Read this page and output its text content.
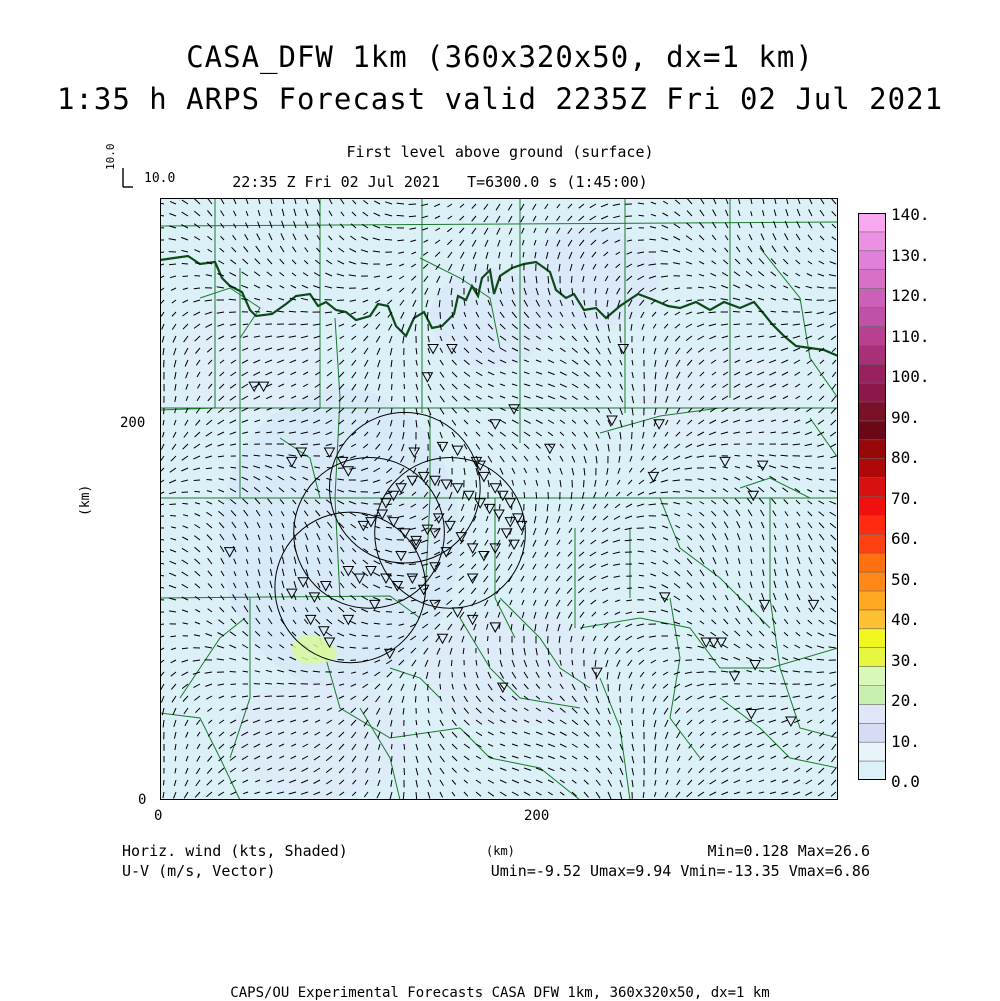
CASA_DFW 1km (360x320x50, dx=1 km)
1:35 h ARPS Forecast valid 2235Z Fri 02 Jul 2021
First level above ground (surface)
22:35 Z Fri 02 Jul 2021 T=6300.0 s (1:45:00)
10.0
10.0
(km)
200
0
0	200
(km)
140.
130.
120.
110.
100.
90.
80.
70.
60.
50.
40.
30.
20.
10.
0.0
Horiz. wind (kts, Shaded)
U-V (m/s, Vector)
Min=0.128 Max=26.6
Umin=-9.52 Umax=9.94 Vmin=-13.35 Vmax=6.86
CAPS/OU Experimental Forecasts CASA DFW 1km, 360x320x50, dx=1 km
